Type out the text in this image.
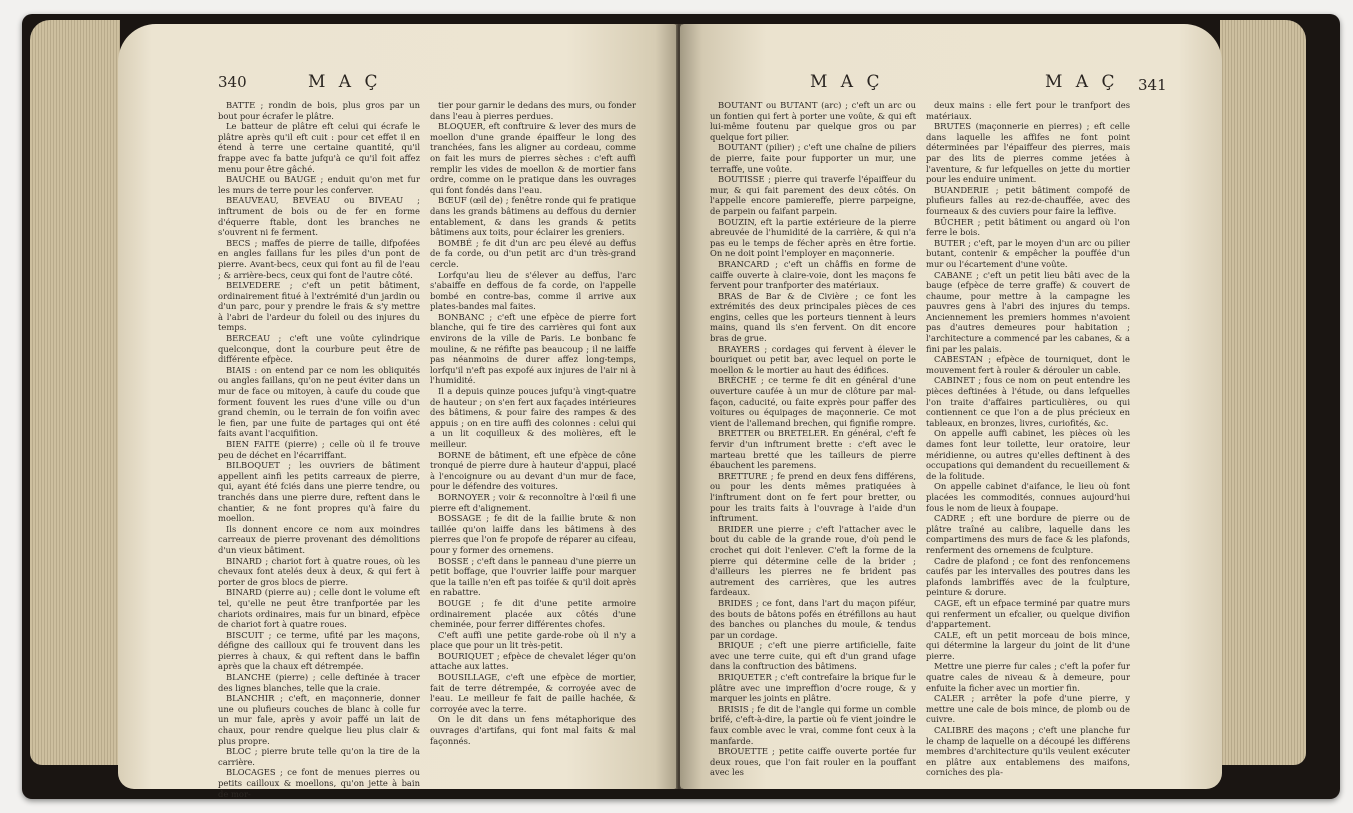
340	M A Ç

BATTE ; rondin de bois, plus gros par un bout pour écrafer le plâtre.

Le batteur de plâtre eft celui qui écrafe le plâtre après qu'il eft cuit : pour cet effet il en étend à terre une certaine quantité, qu'il frappe avec fa batte jufqu'à ce qu'il foit affez menu pour être gâché.

BAUCHE ou BAUGE ; enduit qu'on met fur les murs de terre pour les conferver.

BEAUVEAU, BEVEAU ou BIVEAU ; inftrument de bois ou de fer en forme d'équerre ftable, dont les branches ne s'ouvrent ni fe ferment.

BECS ; maffes de pierre de taille, difpofées en angles faillans fur les piles d'un pont de pierre. Avant-becs, ceux qui font au fil de l'eau ; & arrière-becs, ceux qui font de l'autre côté.

BELVEDERE ; c'eft un petit bâtiment, ordinairement fitué à l'extrémité d'un jardin ou d'un parc, pour y prendre le frais & s'y mettre à l'abri de l'ardeur du foleil ou des injures du temps.

BERCEAU ; c'eft une voûte cylindrique quelconque, dont la courbure peut être de différente efpèce.

BIAIS : on entend par ce nom les obliquités ou angles faillans, qu'on ne peut éviter dans un mur de face ou mitoyen, à caufe du coude que forment fouvent les rues d'une ville ou d'un grand chemin, ou le terrain de fon voifin avec le fien, par une fuite de partages qui ont été faits avant l'acquifition.

BIEN FAITE (pierre) ; celle où il fe trouve peu de déchet en l'écarriffant.

BILBOQUET ; les ouvriers de bâtiment appellent ainfi les petits carreaux de pierre, qui, ayant été fciés dans une pierre tendre, ou tranchés dans une pierre dure, reftent dans le chantier, & ne font propres qu'à faire du moellon.

Ils donnent encore ce nom aux moindres carreaux de pierre provenant des démolitions d'un vieux bâtiment.

BINARD ; chariot fort à quatre roues, où les chevaux font atelés deux à deux, & qui fert à porter de gros blocs de pierre.

BINARD (pierre au) ; celle dont le volume eft tel, qu'elle ne peut être tranfportée par les chariots ordinaires, mais fur un binard, efpèce de chariot fort à quatre roues.

BISCUIT ; ce terme, ufité par les maçons, défigne des cailloux qui fe trouvent dans les pierres à chaux, & qui reftent dans le baffin après que la chaux eft détrempée.

BLANCHE (pierre) ; celle deftinée à tracer des lignes blanches, telle que la craie.

BLANCHIR ; c'eft, en maçonnerie, donner une ou plufieurs couches de blanc à colle fur un mur fale, après y avoir paffé un lait de chaux, pour rendre quelque lieu plus clair & plus propre.

BLOC ; pierre brute telle qu'on la tire de la carrière.

BLOCAGES ; ce font de menues pierres ou petits cailloux & moellons, qu'on jette à bain de mor-

tier pour garnir le dedans des murs, ou fonder dans l'eau à pierres perdues.

BLOQUER, eft conftruire & lever des murs de moellon d'une grande épaiffeur le long des tranchées, fans les aligner au cordeau, comme on fait les murs de pierres sèches : c'eft auffi remplir les vides de moellon & de mortier fans ordre, comme on le pratique dans les ouvrages qui font fondés dans l'eau.

BŒUF (œil de) ; fenêtre ronde qui fe pratique dans les grands bâtimens au deffous du dernier entablement, & dans les grands & petits bâtimens aux toits, pour éclairer les greniers.

BOMBÉ ; fe dit d'un arc peu élevé au deffus de fa corde, ou d'un petit arc d'un très-grand cercle.

Lorfqu'au lieu de s'élever au deffus, l'arc s'abaiffe en deffous de fa corde, on l'appelle bombé en contre-bas, comme il arrive aux plates-bandes mal faites.

BONBANC ; c'eft une efpèce de pierre fort blanche, qui fe tire des carrières qui font aux environs de la ville de Paris. Le bonbanc fe mouline, & ne réfifte pas beaucoup ; il ne laiffe pas néanmoins de durer affez long-temps, lorfqu'il n'eft pas expofé aux injures de l'air ni à l'humidité.

Il a depuis quinze pouces jufqu'à vingt-quatre de hauteur ; on s'en fert aux façades intérieures des bâtimens, & pour faire des rampes & des appuis ; on en tire auffi des colonnes : celui qui a un lit coquilleux & des molières, eft le meilleur.

BORNE de bâtiment, eft une efpèce de cône tronqué de pierre dure à hauteur d'appui, placé à l'encoignure ou au devant d'un mur de face, pour le défendre des voitures.

BORNOYER ; voir & reconnoître à l'œil fi une pierre eft d'alignement.

BOSSAGE ; fe dit de la faillie brute & non taillée qu'on laiffe dans les bâtimens à des pierres que l'on fe propofe de réparer au cifeau, pour y former des ornemens.

BOSSE ; c'eft dans le panneau d'une pierre un petit boffage, que l'ouvrier laiffe pour marquer que la taille n'en eft pas toifée & qu'il doit après en rabattre.

BOUGE ; fe dit d'une petite armoire ordinairement placée aux côtés d'une cheminée, pour ferrer différentes chofes.

C'eft auffi une petite garde-robe où il n'y a place que pour un lit très-petit.

BOURIQUET ; efpèce de chevalet léger qu'on attache aux lattes.

BOUSILLAGE, c'eft une efpèce de mortier, fait de terre détrempée, & corroyée avec de l'eau. Le meilleur fe fait de paille hachée, & corroyée avec la terre.

On le dit dans un fens métaphorique des ouvrages d'artifans, qui font mal faits & mal façonnés.

M A Ç	M A Ç 341

BOUTANT ou BUTANT (arc) ; c'eft un arc ou un fontien qui fert à porter une voûte, & qui eft lui-même foutenu par quelque gros ou par quelque fort pilier.

BOUTANT (pilier) ; c'eft une chaîne de piliers de pierre, faite pour fupporter un mur, une terraffe, une voûte.

BOUTISSE ; pierre qui traverfe l'épaiffeur du mur, & qui fait parement des deux côtés. On l'appelle encore pamiereffe, pierre parpeigne, de parpein ou faifant parpein.

BOUZIN, eft la partie extérieure de la pierre abreuvée de l'humidité de la carrière, & qui n'a pas eu le temps de fécher après en être fortie. On ne doit point l'employer en maçonnerie.

BRANCARD ; c'eft un châffis en forme de caiffe ouverte à claire-voie, dont les maçons fe fervent pour tranfporter des matériaux.

BRAS de Bar & de Civière ; ce font les extrémités des deux principales pièces de ces engins, celles que les porteurs tiennent à leurs mains, quand ils s'en fervent. On dit encore bras de grue.

BRAYERS ; cordages qui fervent à élever le bouriquet ou petit bar, avec lequel on porte le moellon & le mortier au haut des édifices.

BRÈCHE ; ce terme fe dit en général d'une ouverture caufée à un mur de clôture par mal-façon, caducité, ou faite exprès pour paffer des voitures ou équipages de maçonnerie. Ce mot vient de l'allemand brechen, qui fignifie rompre.

BRETTER ou BRETELER. En général, c'eft fe fervir d'un inftrument brette : c'eft avec le marteau bretté que les tailleurs de pierre ébauchent les paremens.

BRETTURE ; fe prend en deux fens différens, ou pour les dents mêmes pratiquées à l'inftrument dont on fe fert pour bretter, ou pour les traits faits à l'ouvrage à l'aide d'un inftrument.

BRIDER une pierre ; c'eft l'attacher avec le bout du cable de la grande roue, d'où pend le crochet qui doit l'enlever. C'eft la forme de la pierre qui détermine celle de la brider ; d'ailleurs les pierres ne fe brident pas autrement des carrières, que les autres fardeaux.

BRIDES ; ce font, dans l'art du maçon piféur, des bouts de bâtons pofés en étréfillons au haut des banches ou planches du moule, & tendus par un cordage.

BRIQUE ; c'eft une pierre artificielle, faite avec une terre cuite, qui eft d'un grand ufage dans la conftruction des bâtimens.

BRIQUETER ; c'eft contrefaire la brique fur le plâtre avec une impreffion d'ocre rouge, & y marquer les joints en plâtre.

BRISIS ; fe dit de l'angle qui forme un comble brifé, c'eft-à-dire, la partie où fe vient joindre le faux comble avec le vrai, comme font ceux à la manfarde.

BROUETTE ; petite caiffe ouverte portée fur deux roues, que l'on fait rouler en la pouffant avec les

deux mains : elle fert pour le tranfport des matériaux.

BRUTES (maçonnerie en pierres) ; eft celle dans laquelle les affifes ne font point déterminées par l'épaiffeur des pierres, mais par des lits de pierres comme jetées à l'aventure, & fur lefquelles on jette du mortier pour les enduire uniment.

BUANDERIE ; petit bâtiment compofé de plufieurs falles au rez-de-chauffée, avec des fourneaux & des cuviers pour faire la leffive.

BÛCHER ; petit bâtiment ou angard où l'on ferre le bois.

BUTER ; c'eft, par le moyen d'un arc ou pilier butant, contenir & empêcher la pouffée d'un mur ou l'écartement d'une voûte.

CABANE ; c'eft un petit lieu bâti avec de la bauge (efpèce de terre graffe) & couvert de chaume, pour mettre à la campagne les pauvres gens à l'abri des injures du temps. Anciennement les premiers hommes n'avoient pas d'autres demeures pour habitation ; l'architecture a commencé par les cabanes, & a fini par les palais.

CABESTAN ; efpèce de tourniquet, dont le mouvement fert à rouler & dérouler un cable.

CABINET ; fous ce nom on peut entendre les pièces deftinées à l'étude, ou dans lefquelles l'on traite d'affaires particulières, ou qui contiennent ce que l'on a de plus précieux en tableaux, en bronzes, livres, curiofités, &c.

On appelle auffi cabinet, les pièces où les dames font leur toilette, leur oratoire, leur méridienne, ou autres qu'elles deftinent à des occupations qui demandent du recueillement & de la folitude.

On appelle cabinet d'aifance, le lieu où font placées les commodités, connues aujourd'hui fous le nom de lieux à foupape.

CADRE ; eft une bordure de pierre ou de plâtre traîné au calibre, laquelle dans les compartimens des murs de face & les plafonds, renferment des ornemens de fculpture.

Cadre de plafond ; ce font des renfoncemens caufés par les intervalles des poutres dans les plafonds lambriffés avec de la fculpture, peinture & dorure.

CAGE, eft un efpace terminé par quatre murs qui renferment un efcalier, ou quelque divifion d'appartement.

CALE, eft un petit morceau de bois mince, qui détermine la largeur du joint de lit d'une pierre.

Mettre une pierre fur cales ; c'eft la pofer fur quatre cales de niveau & à demeure, pour enfuite la ficher avec un mortier fin.

CALER ; arrêter la pofe d'une pierre, y mettre une cale de bois mince, de plomb ou de cuivre.

CALIBRE des maçons ; c'eft une planche fur le champ de laquelle on a découpé les différens membres d'architecture qu'ils veulent exécuter en plâtre aux entablemens des maifons, corniches des pla-
